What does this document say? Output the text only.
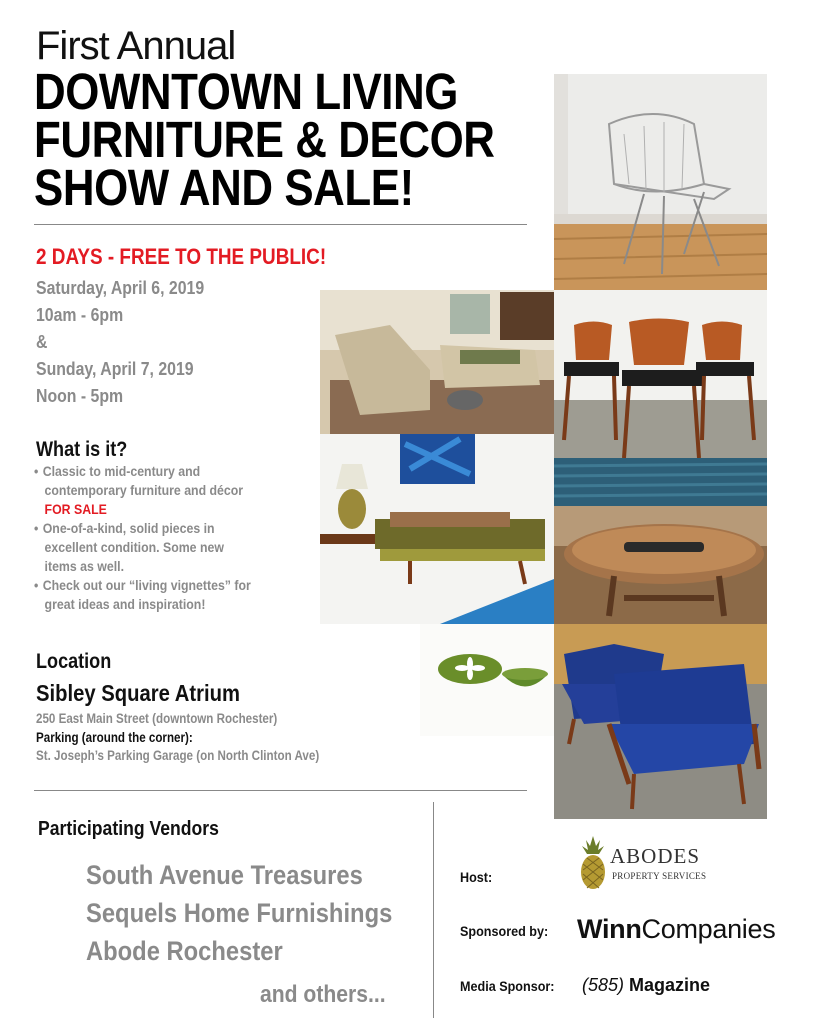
First Annual
DOWNTOWN LIVING
FURNITURE & DECOR
SHOW AND SALE!
2 DAYS - FREE TO THE PUBLIC!
Saturday, April 6, 2019
10am - 6pm
&
Sunday, April 7, 2019
Noon - 5pm
What is it?
• Classic to mid-century and contemporary furniture and décor FOR SALE
• One-of-a-kind, solid pieces in excellent condition. Some new items as well.
• Check out our “living vignettes” for great ideas and inspiration!
Location
Sibley Square Atrium
250 East Main Street (downtown Rochester)
Parking (around the corner):
St. Joseph’s Parking Garage (on North Clinton Ave)
Participating Vendors
South Avenue Treasures
Sequels Home Furnishings
Abode Rochester
and others...
Host:
ABODES
PROPERTY SERVICES
Sponsored by: WinnCompanies
Media Sponsor: (585) Magazine
